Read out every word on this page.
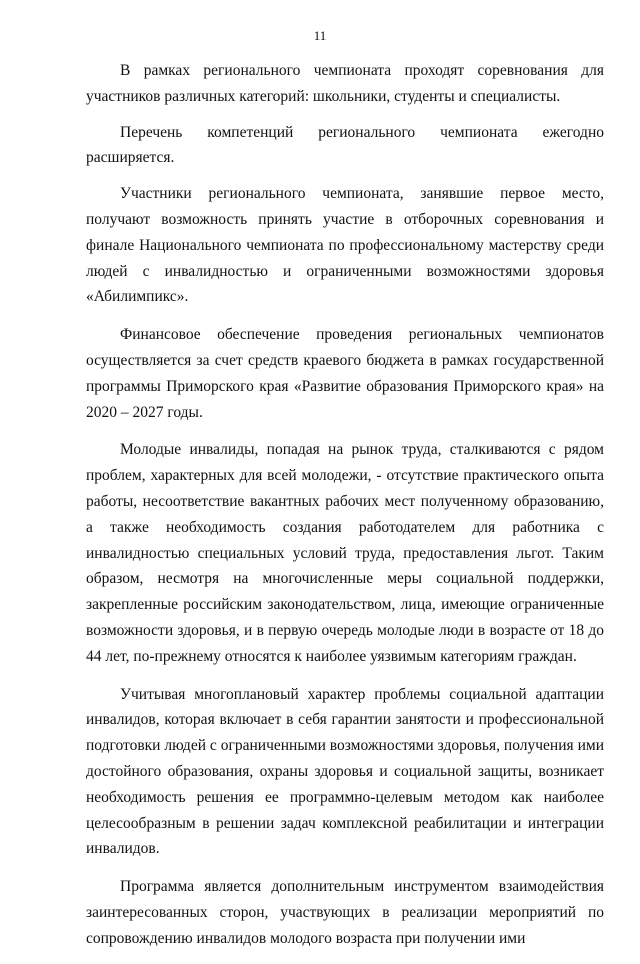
11

В рамках регионального чемпионата проходят соревнования для участников различных категорий: школьники, студенты и специалисты.

Перечень компетенций регионального чемпионата ежегодно расширяется.

Участники регионального чемпионата, занявшие первое место, получают возможность принять участие в отборочных соревнования и финале Национального чемпионата по профессиональному мастерству среди людей с инвалидностью и ограниченными возможностями здоровья «Абилимпикс».

Финансовое обеспечение проведения региональных чемпионатов осуществляется за счет средств краевого бюджета в рамках государственной программы Приморского края «Развитие образования Приморского края» на 2020 – 2027 годы.

Молодые инвалиды, попадая на рынок труда, сталкиваются с рядом проблем, характерных для всей молодежи, - отсутствие практического опыта работы, несоответствие вакантных рабочих мест полученному образованию, а также необходимость создания работодателем для работника с инвалидностью специальных условий труда, предоставления льгот. Таким образом, несмотря на многочисленные меры социальной поддержки, закрепленные российским законодательством, лица, имеющие ограниченные возможности здоровья, и в первую очередь молодые люди в возрасте от 18 до 44 лет, по-прежнему относятся к наиболее уязвимым категориям граждан.

Учитывая многоплановый характер проблемы социальной адаптации инвалидов, которая включает в себя гарантии занятости и профессиональной подготовки людей с ограниченными возможностями здоровья, получения ими достойного образования, охраны здоровья и социальной защиты, возникает необходимость решения ее программно-целевым методом как наиболее целесообразным в решении задач комплексной реабилитации и интеграции инвалидов.

Программа является дополнительным инструментом взаимодействия заинтересованных сторон, участвующих в реализации мероприятий по сопровождению инвалидов молодого возраста при получении ими
